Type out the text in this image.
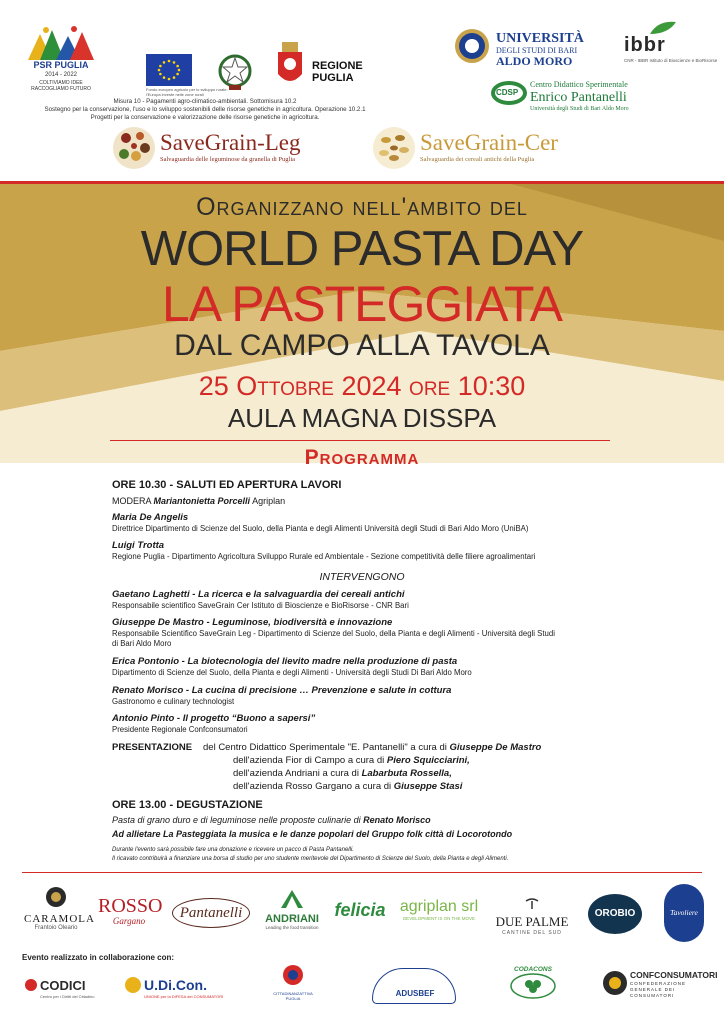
PSR PUGLIA
2014 - 2022
COLTIVIAMO IDEE RACCOGLIAMO FUTURO	Fondo europeo agricolo per lo sviluppo rurale: l'Europa investe nelle zone rurali
REGIONE PUGLIA
Misura 10 - Pagamenti agro-climatico-ambientali. Sottomisura 10.2
Sostegno per la conservazione, l'uso e lo sviluppo sostenibili delle risorse genetiche in agricoltura. Operazione 10.2.1
Progetti per la conservazione e valorizzazione delle risorse genetiche in agricoltura.
UNIVERSITÀ
DEGLI STUDI DI BARI
ALDO MORO
ibbr
CNR - IBBR Istituto di Bioscienze e BioRisorse
CDSP
Centro Didattico Sperimentale
Enrico Pantanelli
Università degli Studi di Bari Aldo Moro
SaveGrain-Leg
Salvaguardia delle leguminose da granella di Puglia
SaveGrain-Cer
Salvaguardia dei cereali antichi della Puglia
Organizzano nell'ambito del
WORLD PASTA DAY
LA PASTEGGIATA
DAL CAMPO ALLA TAVOLA
25 Ottobre 2024 ore 10:30
AULA MAGNA DISSPA
Programma
ORE 10.30 - SALUTI ED APERTURA LAVORI
MODERA Mariantonietta Porcelli Agriplan
Maria De Angelis
Direttrice Dipartimento di Scienze del Suolo, della Pianta e degli Alimenti Università degli Studi di Bari Aldo Moro (UniBA)
Luigi Trotta
Regione Puglia - Dipartimento Agricoltura Sviluppo Rurale ed Ambientale - Sezione competitività delle filiere agroalimentari
INTERVENGONO
Gaetano Laghetti - La ricerca e la salvaguardia dei cereali antichi
Responsabile scientifico SaveGrain Cer Istituto di Bioscienze e BioRisorse - CNR Bari
Giuseppe De Mastro - Leguminose, biodiversità e innovazione
Responsabile Scientifico SaveGrain Leg - Dipartimento di Scienze del Suolo, della Pianta e degli Alimenti - Università degli Studi
di Bari Aldo Moro
Erica Pontonio - La biotecnologia del lievito madre nella produzione di pasta
Dipartimento di Scienze del Suolo, della Pianta e degli Alimenti - Università degli Studi Di Bari Aldo Moro
Renato Morisco - La cucina di precisione … Prevenzione e salute in cottura
Gastronomo e culinary technologist
Antonio Pinto - Il progetto “Buono a sapersi”
Presidente Regionale Confconsumatori
PRESENTAZIONE del Centro Didattico Sperimentale "E. Pantanelli" a cura di Giuseppe De Mastro
dell'azienda Fior di Campo a cura di Piero Squicciarini,
dell'azienda Andriani a cura di Labarbuta Rossella,
dell'azienda Rosso Gargano a cura di Giuseppe Stasi
ORE 13.00 - DEGUSTAZIONE
Pasta di grano duro e di leguminose nelle proposte culinarie di Renato Morisco
Ad allietare La Pasteggiata la musica e le danze popolari del Gruppo folk città di Locorotondo
Durante l'evento sarà possibile fare una donazione e ricevere un pacco di Pasta Pantanelli.
Il ricavato contribuirà a finanziare una borsa di studio per uno studente meritevole del Dipartimento di Scienze del Suolo, della Pianta e degli Alimenti.
CARAMOLA
Frantoio Oleario
ROSSO
Gargano	Pantanelli	ANDRIANI
Leading the food transition
felicia agriplan srl
DEVELOPMENT IS ON THE MOVE	DUE PALME
CANTINE DEL SUD
OROBIO	Tavoliere
Evento realizzato in collaborazione con:
CODICI
Centro per i Diritti del Cittadino
U.Di.Con.
UNIONE per la DIFESA dei CONSUMATORI
CITTADINANZATTIVA PUGLIA
ADUSBEF
CODACONS
CONFCONSUMATORI
CONFEDERAZIONE GENERALE DEI CONSUMATORI
